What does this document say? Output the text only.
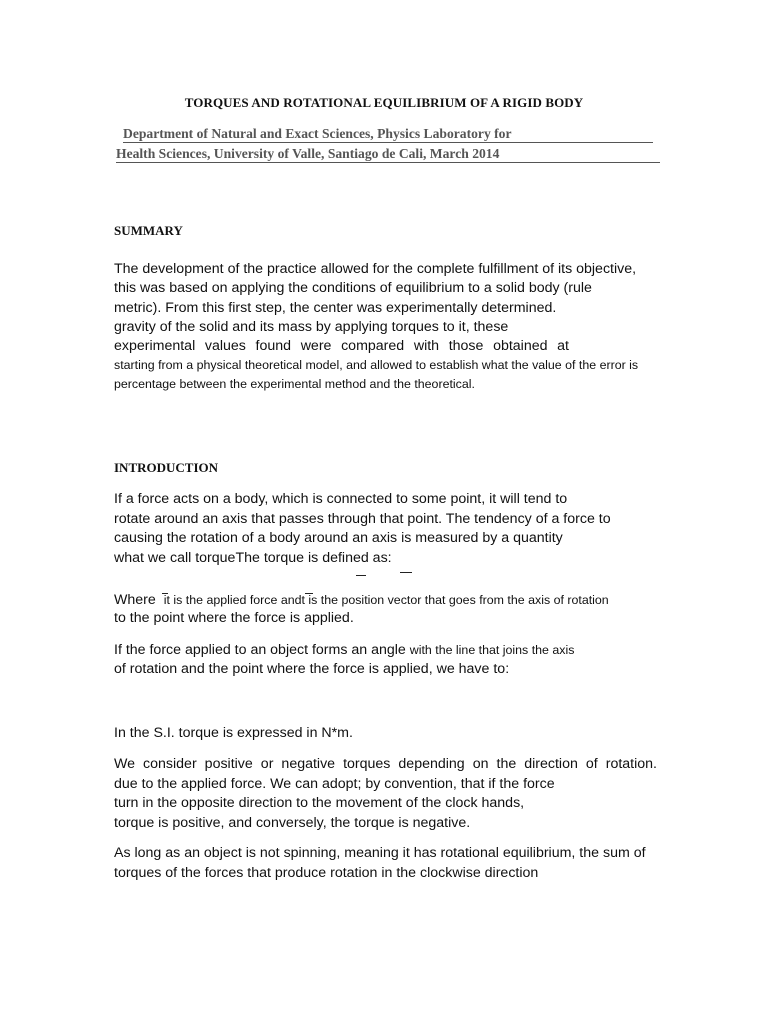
TORQUES AND ROTATIONAL EQUILIBRIUM OF A RIGID BODY
Department of Natural and Exact Sciences, Physics Laboratory for
Health Sciences, University of Valle, Santiago de Cali, March 2014
SUMMARY
The development of the practice allowed for the complete fulfillment of its objective,
this was based on applying the conditions of equilibrium to a solid body (rule
metric). From this first step, the center was experimentally determined.
gravity of the solid and its mass by applying torques to it, these
experimental values found were compared with those obtained at
starting from a physical theoretical model, and allowed to establish what the value of the error is
percentage between the experimental method and the theoretical.
INTRODUCTION
If a force acts on a body, which is connected to some point, it will tend to
rotate around an axis that passes through that point. The tendency of a force to
causing the rotation of a body around an axis is measured by a quantity
what we call torqueThe torque is defined as:
Where it is the applied force andt is the position vector that goes from the axis of rotation
to the point where the force is applied.
If the force applied to an object forms an angle with the line that joins the axis
of rotation and the point where the force is applied, we have to:
In the S.I. torque is expressed in N*m.
We consider positive or negative torques depending on the direction of rotation.
due to the applied force. We can adopt; by convention, that if the force
turn in the opposite direction to the movement of the clock hands,
torque is positive, and conversely, the torque is negative.
As long as an object is not spinning, meaning it has rotational equilibrium, the sum of
torques of the forces that produce rotation in the clockwise direction
